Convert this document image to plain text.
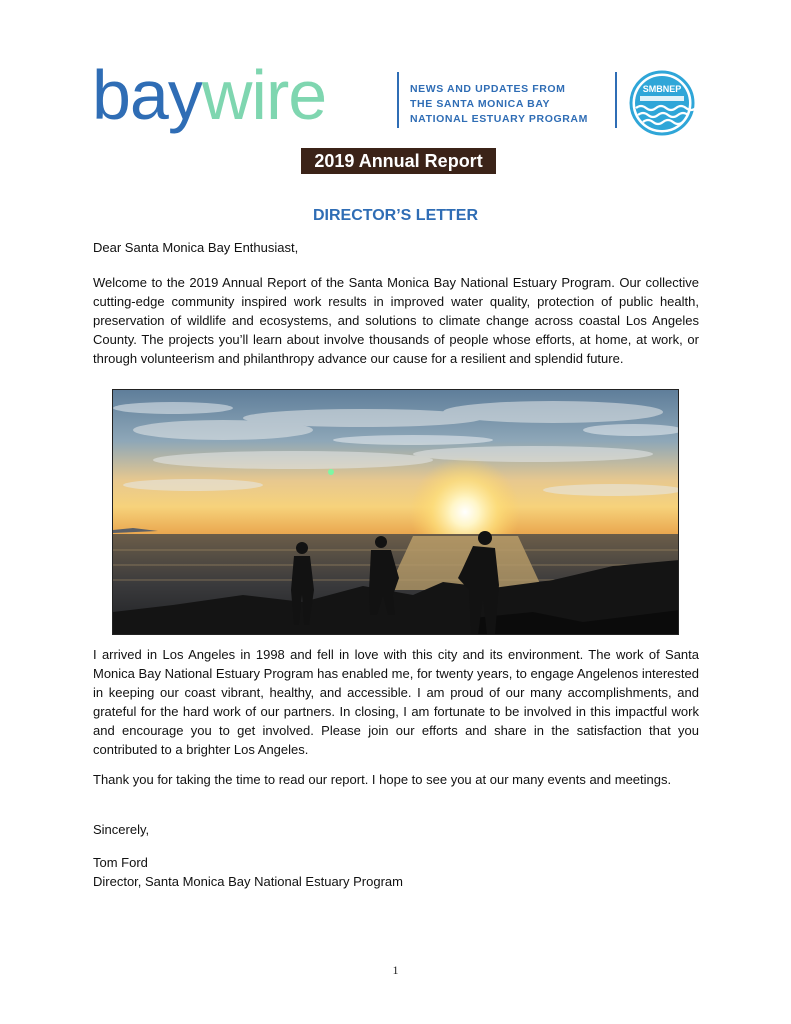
baywire	NEWS AND UPDATES FROM
THE SANTA MONICA BAY
NATIONAL ESTUARY PROGRAM
SMBNEP
2019 Annual Report
DIRECTOR’S LETTER

Dear Santa Monica Bay Enthusiast,

Welcome to the 2019 Annual Report of the Santa Monica Bay National Estuary Program. Our collective cutting-edge community inspired work results in improved water quality, protection of public health, preservation of wildlife and ecosystems, and solutions to climate change across coastal Los Angeles County. The projects you’ll learn about involve thousands of people whose efforts, at home, at work, or through volunteerism and philanthropy advance our cause for a resilient and splendid future.

I arrived in Los Angeles in 1998 and fell in love with this city and its environment. The work of Santa Monica Bay National Estuary Program has enabled me, for twenty years, to engage Angelenos interested in keeping our coast vibrant, healthy, and accessible. I am proud of our many accomplishments, and grateful for the hard work of our partners. In closing, I am fortunate to be involved in this impactful work and encourage you to get involved. Please join our efforts and share in the satisfaction that you contributed to a brighter Los Angeles.

Thank you for taking the time to read our report. I hope to see you at our many events and meetings.

Sincerely,

Tom Ford
Director, Santa Monica Bay National Estuary Program
1
